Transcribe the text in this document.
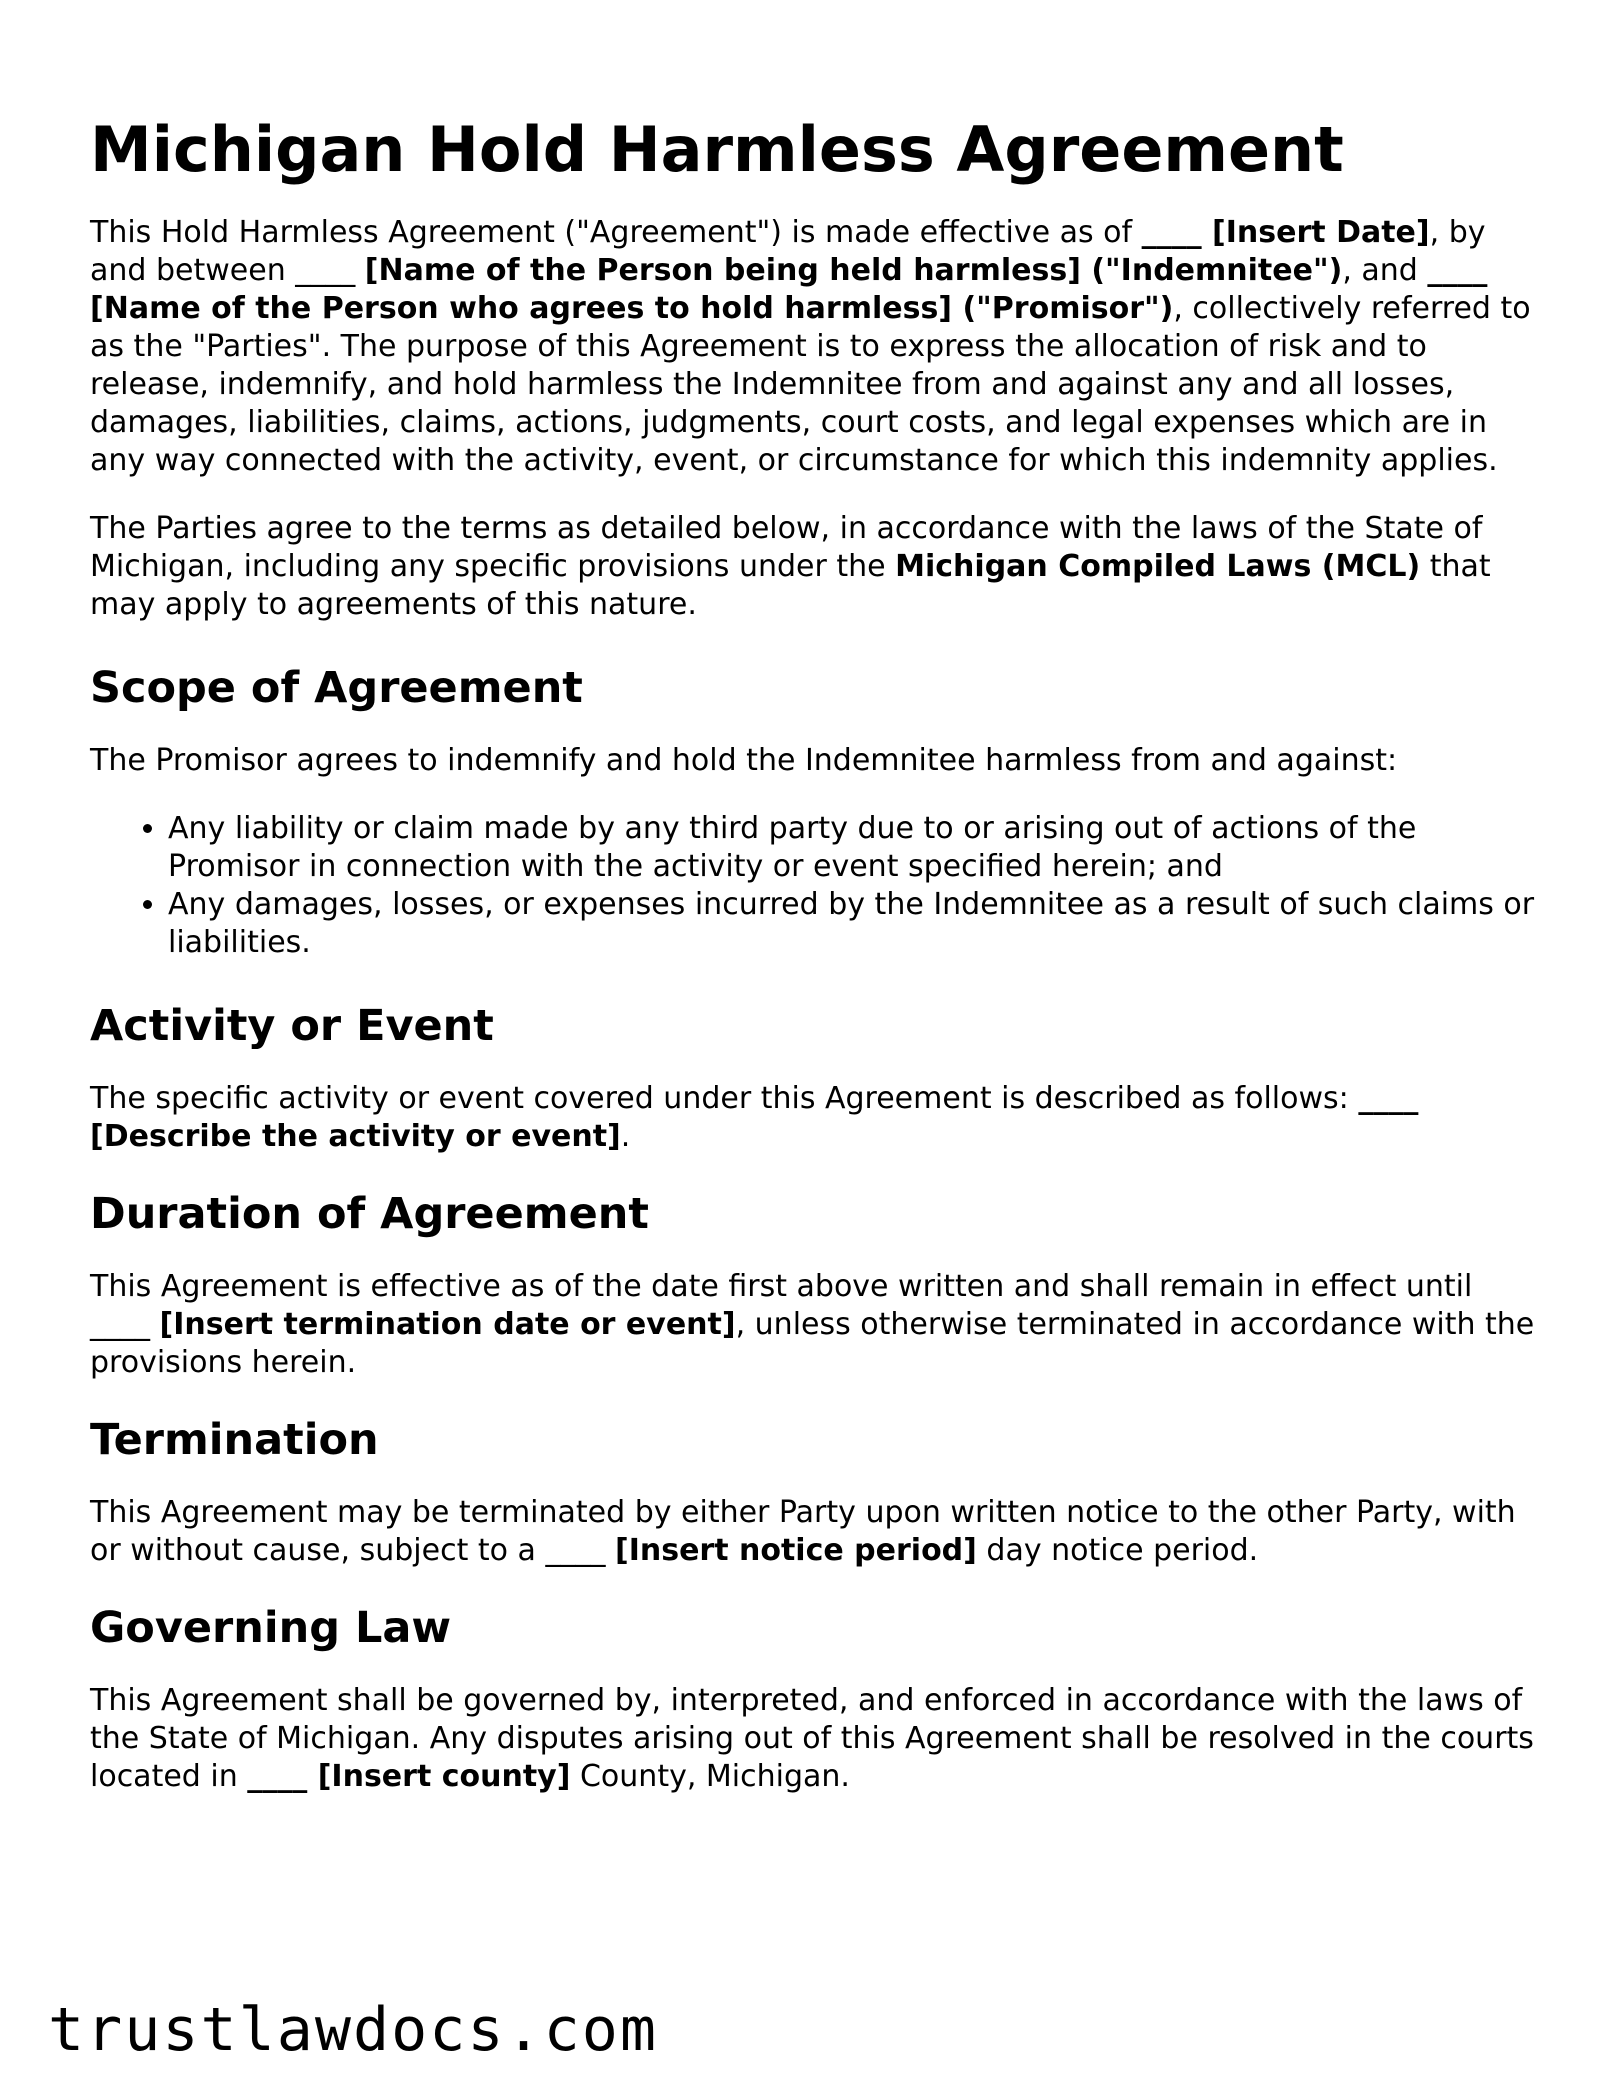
Michigan Hold Harmless Agreement

This Hold Harmless Agreement ("Agreement") is made effective as of ____ [Insert Date], by and between ____ [Name of the Person being held harmless] ("Indemnitee"), and ____ [Name of the Person who agrees to hold harmless] ("Promisor"), collectively referred to as the "Parties". The purpose of this Agreement is to express the allocation of risk and to release, indemnify, and hold harmless the Indemnitee from and against any and all losses, damages, liabilities, claims, actions, judgments, court costs, and legal expenses which are in any way connected with the activity, event, or circumstance for which this indemnity applies.

The Parties agree to the terms as detailed below, in accordance with the laws of the State of Michigan, including any specific provisions under the Michigan Compiled Laws (MCL) that may apply to agreements of this nature.

Scope of Agreement

The Promisor agrees to indemnify and hold the Indemnitee harmless from and against:

• Any liability or claim made by any third party due to or arising out of actions of the Promisor in connection with the activity or event specified herein; and
• Any damages, losses, or expenses incurred by the Indemnitee as a result of such claims or liabilities.
Activity or Event

The specific activity or event covered under this Agreement is described as follows: ____ [Describe the activity or event].

Duration of Agreement

This Agreement is effective as of the date first above written and shall remain in effect until ____ [Insert termination date or event], unless otherwise terminated in accordance with the provisions herein.

Termination

This Agreement may be terminated by either Party upon written notice to the other Party, with or without cause, subject to a ____ [Insert notice period] day notice period.

Governing Law

This Agreement shall be governed by, interpreted, and enforced in accordance with the laws of the State of Michigan. Any disputes arising out of this Agreement shall be resolved in the courts located in ____ [Insert county] County, Michigan.

trustlawdocs.com
